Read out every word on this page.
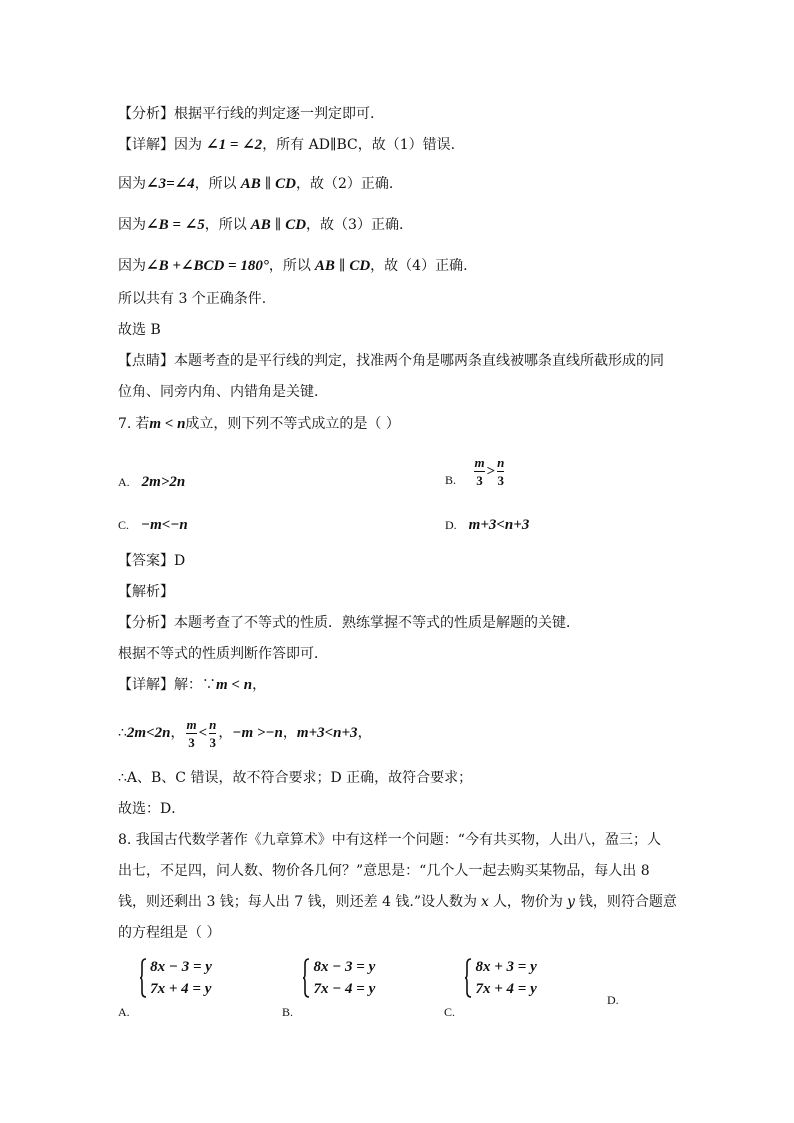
【分析】根据平行线的判定逐一判定即可.
【详解】因为 ∠1 = ∠2，所有 AD∥BC，故（1）错误.
因为∠3=∠4，所以 AB ∥ CD，故（2）正确.
因为∠B = ∠5，所以 AB ∥ CD，故（3）正确.
因为∠B +∠BCD = 180°，所以 AB ∥ CD，故（4）正确.
所以共有 3 个正确条件.
故选 B
【点睛】本题考查的是平行线的判定，找准两个角是哪两条直线被哪条直线所截形成的同
位角、同旁内角、内错角是关键.
7. 若m < n成立，则下列不等式成立的是（ ）
A. 2m>2n	B. $\frac{m}{3} > \frac{n}{3}$
C. −m<−n	D. m+3<n+3
【答案】D
【解析】
【分析】本题考查了不等式的性质．熟练掌握不等式的性质是解题的关键．
根据不等式的性质判断作答即可．
【详解】解：∵m < n，
∴2m<2n， $\frac{m}{3} < \frac{n}{3}$ ，−m >−n，m+3<n+3，
∴A、B、C 错误，故不符合要求；D 正确，故符合要求；
故选：D．
8. 我国古代数学著作《九章算术》中有这样一个问题：“今有共买物，人出八，盈三；人
出七，不足四，问人数、物价各几何？”意思是：“几个人一起去购买某物品，每人出 8
钱，则还剩出 3 钱；每人出 7 钱，则还差 4 钱.”设人数为 x 人，物价为 y 钱，则符合题意
的方程组是（ ）
A.
8x − 3 = y
7x + 4 = y
B.
8x − 3 = y
7x − 4 = y
C.
8x + 3 = y
7x + 4 = y
D.
